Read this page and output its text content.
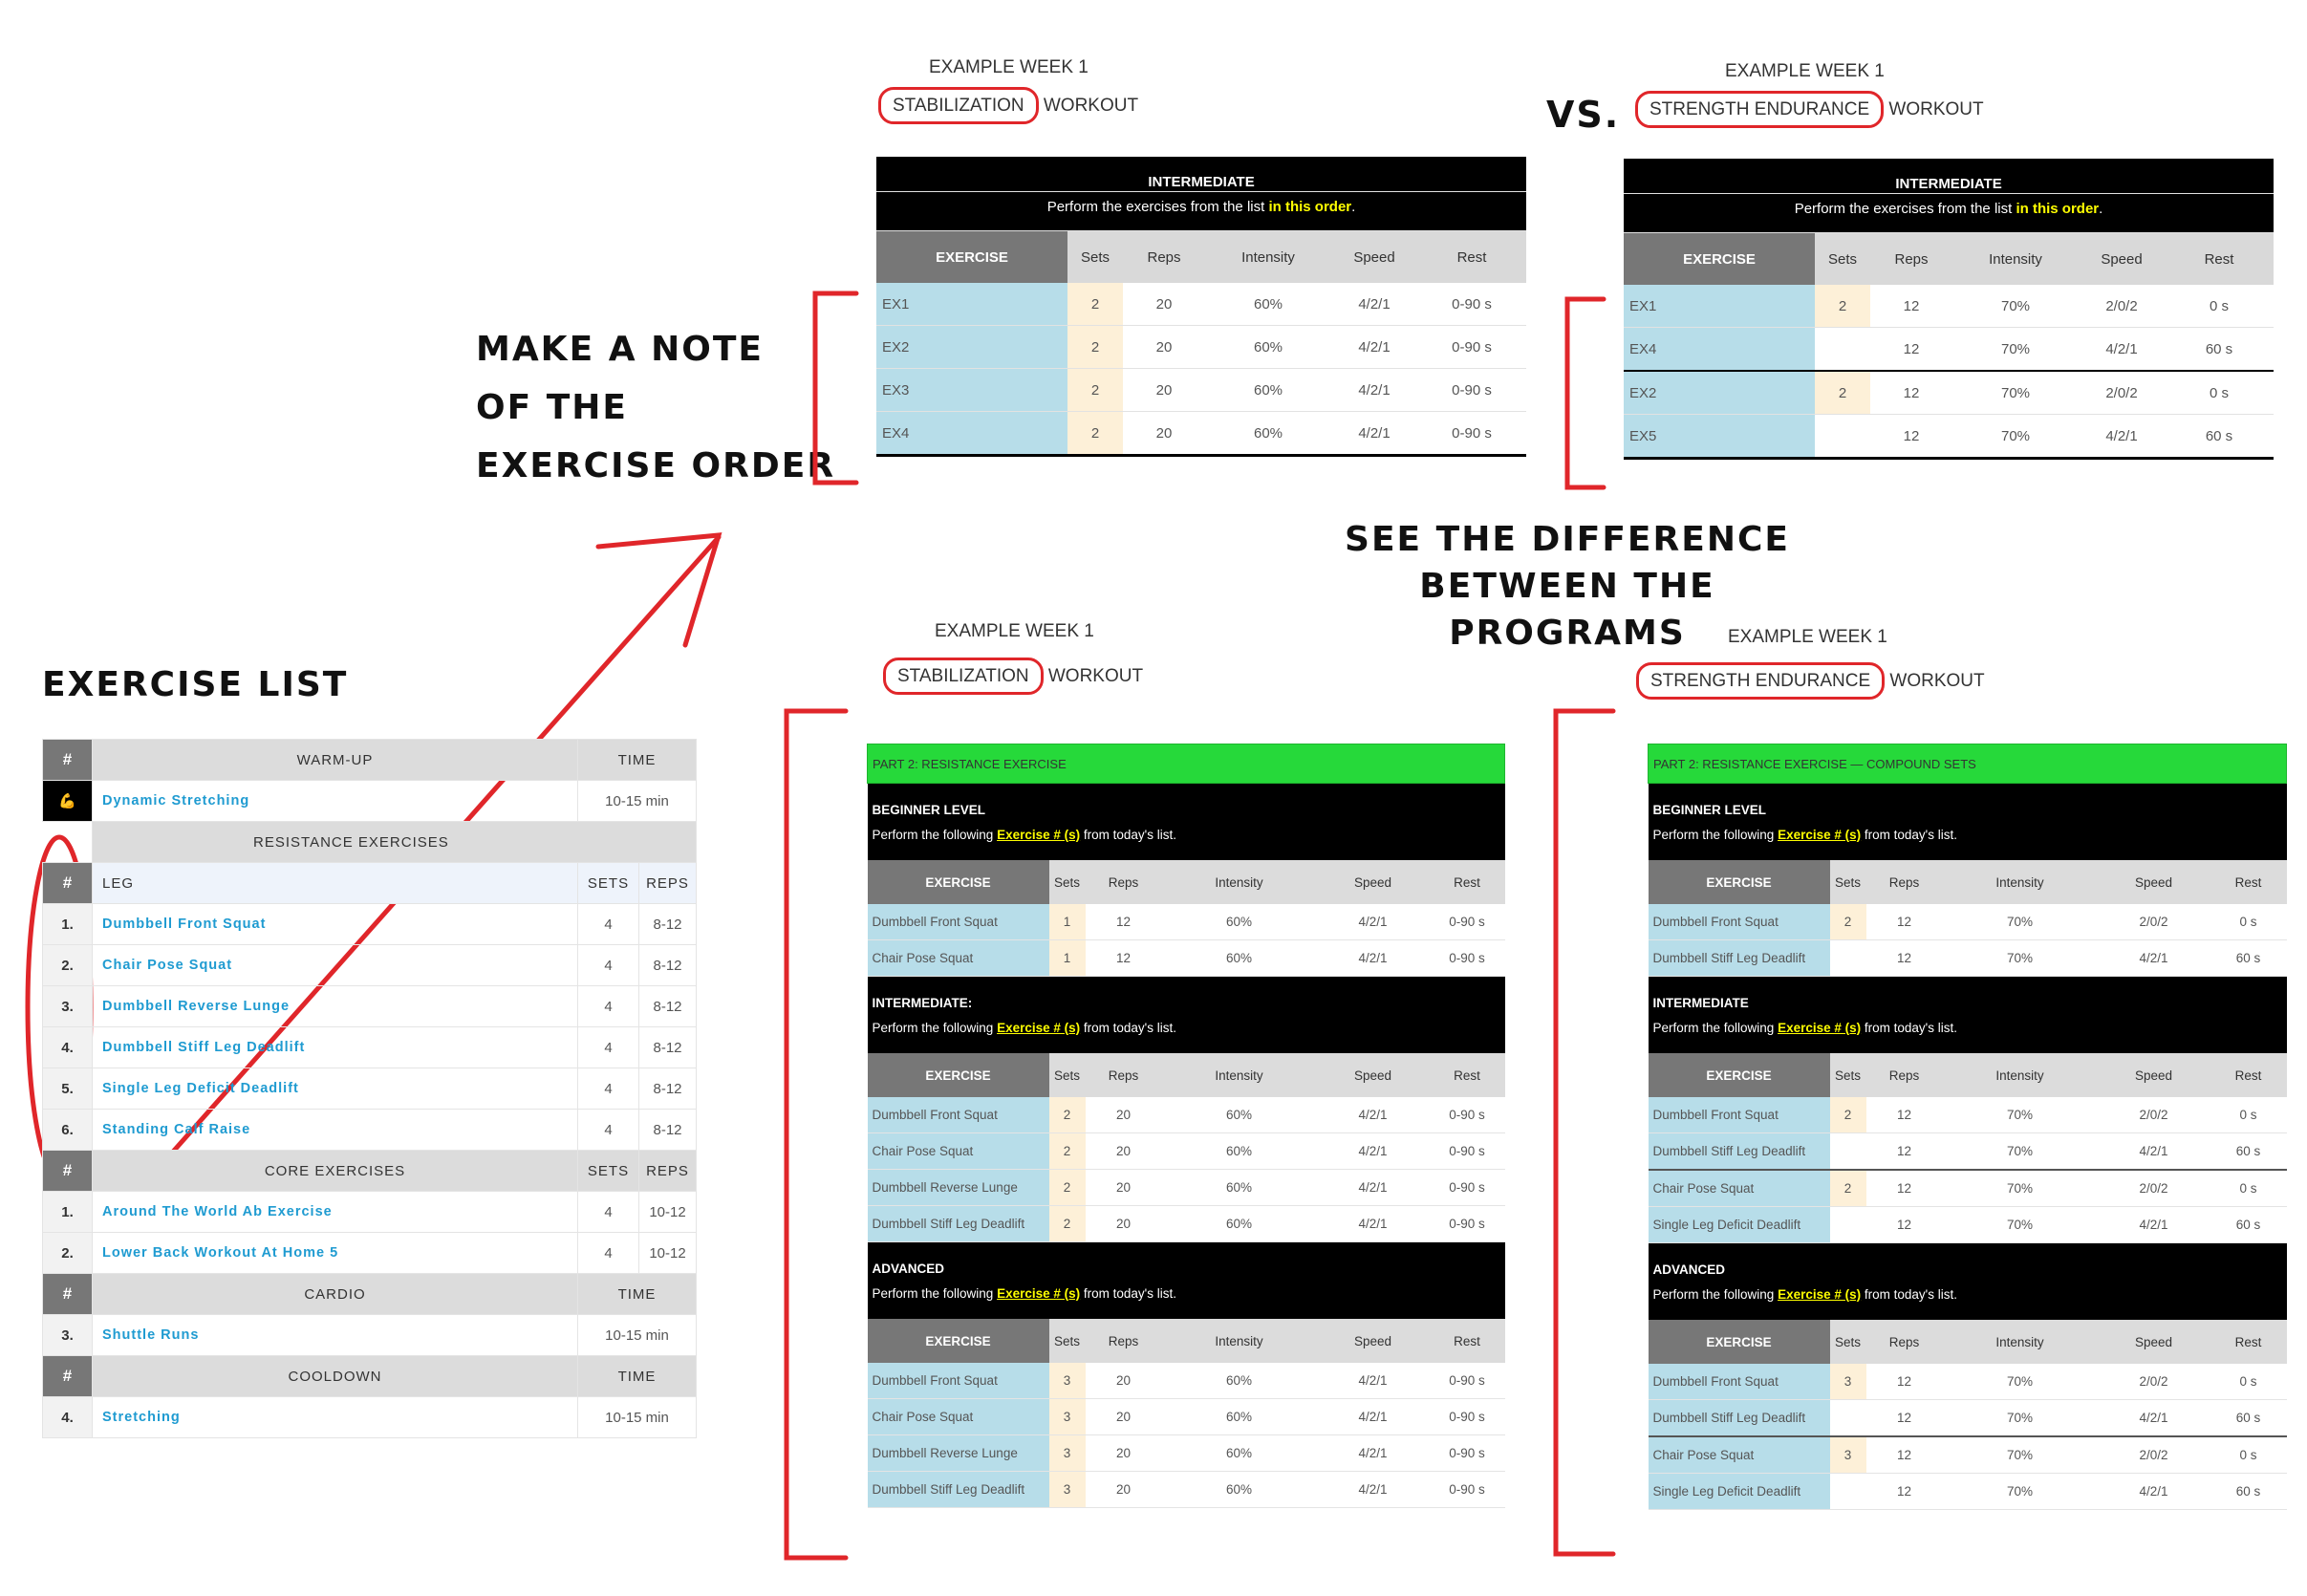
MAKE A NOTE
OF THE
EXERCISE ORDER
VS.
SEE THE DIFFERENCE
BETWEEN THE PROGRAMS
EXERCISE LIST
EXAMPLE WEEK 1
STABILIZATION WORKOUT
EXAMPLE WEEK 1
STRENGTH ENDURANCE WORKOUT
EXAMPLE WEEK 1
STABILIZATION WORKOUT
EXAMPLE WEEK 1
STRENGTH ENDURANCE WORKOUT
INTERMEDIATE					
Perform the exercises from the list in this order.					
EXERCISE	Sets	Reps	Intensity	Speed	Rest
EX1	2	20	60%	4/2/1	0-90 s
EX2	2	20	60%	4/2/1	0-90 s
EX3	2	20	60%	4/2/1	0-90 s
EX4	2	20	60%	4/2/1	0-90 s
INTERMEDIATE					
Perform the exercises from the list in this order.					
EXERCISE	Sets	Reps	Intensity	Speed	Rest
EX1	2	12	70%	2/0/2	0 s
EX4		12	70%	4/2/1	60 s
EX2	2	12	70%	2/0/2	0 s
EX5		12	70%	4/2/1	60 s
PART 2: RESISTANCE EXERCISE					
BEGINNER LEVEL					
Perform the following Exercise # (s) from today's list.					
EXERCISE	Sets	Reps	Intensity	Speed	Rest
Dumbbell Front Squat	1	12	60%	4/2/1	0-90 s
Chair Pose Squat	1	12	60%	4/2/1	0-90 s
INTERMEDIATE:					
Perform the following Exercise # (s) from today's list.					
EXERCISE	Sets	Reps	Intensity	Speed	Rest
Dumbbell Front Squat	2	20	60%	4/2/1	0-90 s
Chair Pose Squat	2	20	60%	4/2/1	0-90 s
Dumbbell Reverse Lunge	2	20	60%	4/2/1	0-90 s
Dumbbell Stiff Leg Deadlift	2	20	60%	4/2/1	0-90 s
ADVANCED					
Perform the following Exercise # (s) from today's list.					
EXERCISE	Sets	Reps	Intensity	Speed	Rest
Dumbbell Front Squat	3	20	60%	4/2/1	0-90 s
Chair Pose Squat	3	20	60%	4/2/1	0-90 s
Dumbbell Reverse Lunge	3	20	60%	4/2/1	0-90 s
Dumbbell Stiff Leg Deadlift	3	20	60%	4/2/1	0-90 s
PART 2: RESISTANCE EXERCISE — COMPOUND SETS					
BEGINNER LEVEL					
Perform the following Exercise # (s) from today's list.					
EXERCISE	Sets	Reps	Intensity	Speed	Rest
Dumbbell Front Squat	2	12	70%	2/0/2	0 s
Dumbbell Stiff Leg Deadlift		12	70%	4/2/1	60 s
INTERMEDIATE					
Perform the following Exercise # (s) from today's list.					
EXERCISE	Sets	Reps	Intensity	Speed	Rest
Dumbbell Front Squat	2	12	70%	2/0/2	0 s
Dumbbell Stiff Leg Deadlift		12	70%	4/2/1	60 s
Chair Pose Squat	2	12	70%	2/0/2	0 s
Single Leg Deficit Deadlift		12	70%	4/2/1	60 s
ADVANCED					
Perform the following Exercise # (s) from today's list.					
EXERCISE	Sets	Reps	Intensity	Speed	Rest
Dumbbell Front Squat	3	12	70%	2/0/2	0 s
Dumbbell Stiff Leg Deadlift		12	70%	4/2/1	60 s
Chair Pose Squat	3	12	70%	2/0/2	0 s
Single Leg Deficit Deadlift		12	70%	4/2/1	60 s
#	WARM-UP	TIME	
💪	Dynamic Stretching	10-15 min	
	RESISTANCE EXERCISES		
#	LEG	SETS	REPS
1.	Dumbbell Front Squat	4	8-12
2.	Chair Pose Squat	4	8-12
3.	Dumbbell Reverse Lunge	4	8-12
4.	Dumbbell Stiff Leg Deadlift	4	8-12
5.	Single Leg Deficit Deadlift	4	8-12
6.	Standing Calf Raise	4	8-12
#	CORE EXERCISES	SETS	REPS
1.	Around The World Ab Exercise	4	10-12
2.	Lower Back Workout At Home 5	4	10-12
#	CARDIO	TIME	
3.	Shuttle Runs	10-15 min	
#	COOLDOWN	TIME	
4.	Stretching	10-15 min	
